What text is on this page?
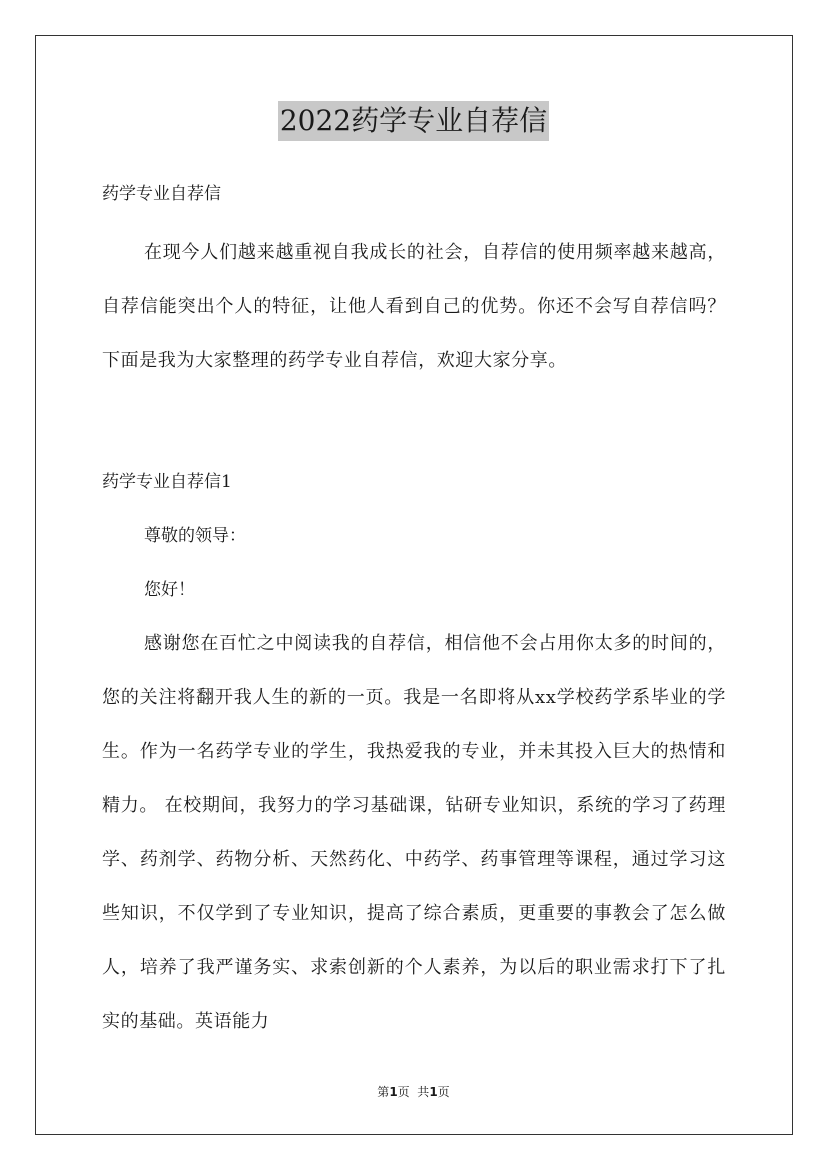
2022药学专业自荐信

药学专业自荐信

在现今人们越来越重视自我成长的社会，自荐信的使用频率越来越高，自荐信能突出个人的特征，让他人看到自己的优势。你还不会写自荐信吗？下面是我为大家整理的药学专业自荐信，欢迎大家分享。

药学专业自荐信1

尊敬的领导：

您好！

感谢您在百忙之中阅读我的自荐信，相信他不会占用你太多的时间的，您的关注将翻开我人生的新的一页。我是一名即将从xx学校药学系毕业的学生。作为一名药学专业的学生，我热爱我的专业，并未其投入巨大的热情和精力。 在校期间，我努力的学习基础课，钻研专业知识，系统的学习了药理学、药剂学、药物分析、天然药化、中药学、药事管理等课程，通过学习这些知识，不仅学到了专业知识，提高了综合素质，更重要的事教会了怎么做人，培养了我严谨务实、求索创新的个人素养，为以后的职业需求打下了扎实的基础。英语能力

第1页  共1页
